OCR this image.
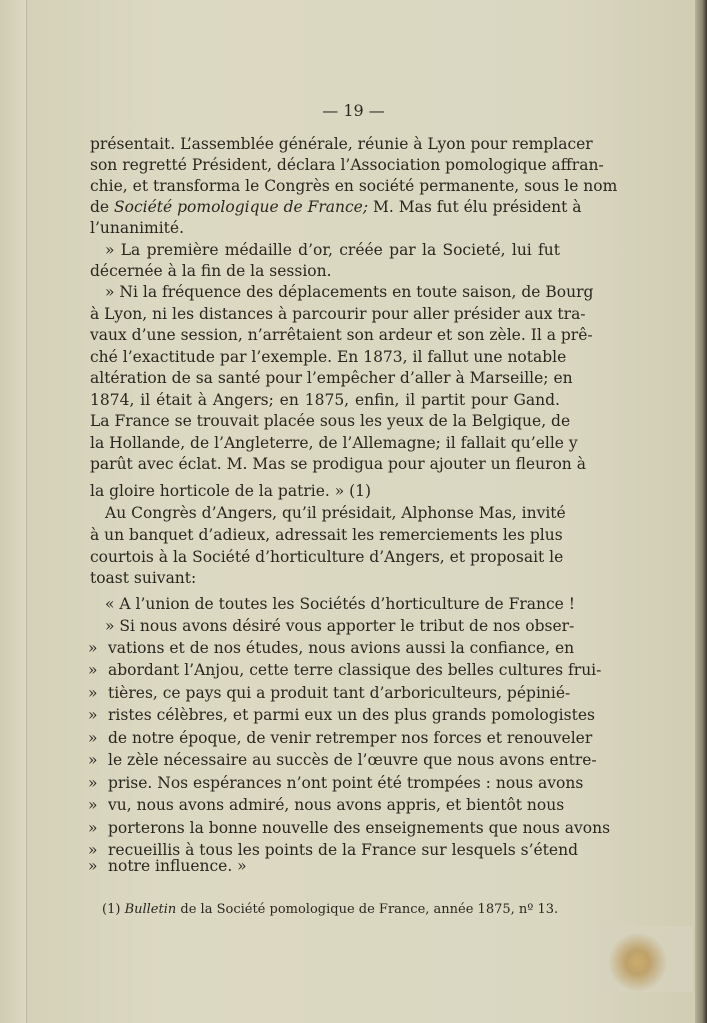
— 19 —
présentait. L’assemblée générale, réunie à Lyon pour remplacer
son regretté Président, déclara l’Association pomologique affran-
chie, et transforma le Congrès en société permanente, sous le nom
de Société pomologique de France; M. Mas fut élu président à
l’unanimité.
» La première médaille d’or, créée par la Societé, lui fut
décernée à la fin de la session.
» Ni la fréquence des déplacements en toute saison, de Bourg
à Lyon, ni les distances à parcourir pour aller présider aux tra-
vaux d’une session, n’arrêtaient son ardeur et son zèle. Il a prê-
ché l’exactitude par l’exemple. En 1873, il fallut une notable
altération de sa santé pour l’empêcher d’aller à Marseille; en
1874, il était à Angers; en 1875, enfin, il partit pour Gand.
La France se trouvait placée sous les yeux de la Belgique, de
la Hollande, de l’Angleterre, de l’Allemagne; il fallait qu’elle y
parût avec éclat. M. Mas se prodigua pour ajouter un fleuron à
la gloire horticole de la patrie. » (1)
Au Congrès d’Angers, qu’il présidait, Alphonse Mas, invité
à un banquet d’adieux, adressait les remerciements les plus
courtois à la Société d’horticulture d’Angers, et proposait le
toast suivant:
« A l’union de toutes les Sociétés d’horticulture de France !
» Si nous avons désiré vous apporter le tribut de nos obser-
» vations et de nos études, nous avions aussi la confiance, en
» abordant l’Anjou, cette terre classique des belles cultures frui-
» tières, ce pays qui a produit tant d’arboriculteurs, pépinié-
» ristes célèbres, et parmi eux un des plus grands pomologistes
» de notre époque, de venir retremper nos forces et renouveler
» le zèle nécessaire au succès de l’œuvre que nous avons entre-
» prise. Nos espérances n’ont point été trompées : nous avons
» vu, nous avons admiré, nous avons appris, et bientôt nous
» porterons la bonne nouvelle des enseignements que nous avons
» recueillis à tous les points de la France sur lesquels s’étend
» notre influence. »
(1) Bulletin de la Société pomologique de France, année 1875, nº 13.
